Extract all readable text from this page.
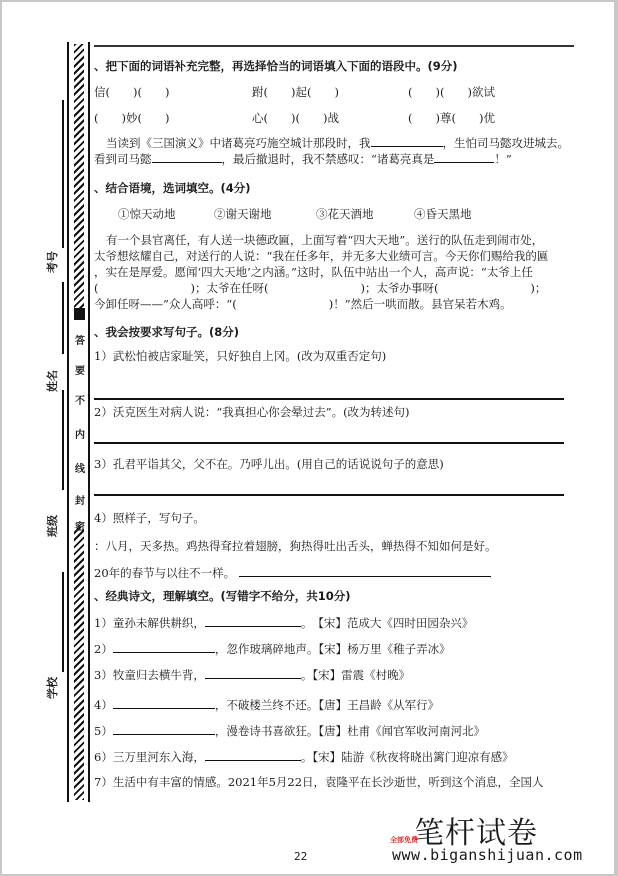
考号
姓名
班级
学校
答
要
不
内
线
封
密
、把下面的词语补充完整，再选择恰当的词语填入下面的语段中。(9分)
信(　　)(　　)	跗(　　)起(　　)	(　　)(　　)欲试
(　　)妙(　　)	心(　　)(　　)战	(　　)尊(　　)优
当读到《三国演义》中诸葛亮巧施空城计那段时，我	，生怕司马懿攻进城去。
看到司马懿	，最后撤退时，我不禁感叹：“诸葛亮真是	！”
、结合语境，选词填空。(4分)
①惊天动地	②谢天谢地	③花天酒地	④昏天黑地
有一个县官离任，有人送一块德政匾，上面写着“四大天地”。送行的队伍走到闹市处，
太爷想炫耀自己，对送行的人说：“我在任多年，并无多大业绩可言。今天你们赐给我的匾
，实在是厚爱。愿闻‘四大天地’之内涵。”这时，队伍中站出一个人，高声说：“太爷上任
(　　　　　　　　)；太爷在任呀(　　　　　　　　)；太爷办事呀(　　　　　　　　)；
今卸任呀——”众人高呼：“(　　　　　　　　)！”然后一哄而散。县官呆若木鸡。
、我会按要求写句子。(8分)
1）武松怕被店家耻笑，只好独自上冈。(改为双重否定句)
2）沃克医生对病人说：“我真担心你会晕过去”。(改为转述句)
3）孔君平诣其父，父不在。乃呼儿出。(用自己的话说说句子的意思)
4）照样子，写句子。
：八月，天多热。鸡热得耷拉着翅膀，狗热得吐出舌头，蝉热得不知如何是好。
20年的春节与以往不一样。
、经典诗文，理解填空。(写错字不给分，共10分)
1）童孙未解供耕织，	。　【宋】范成大《四时田园杂兴》
2）	，忽作玻璃碎地声。【宋】杨万里《稚子弄冰》
3）牧童归去横牛背，	。【宋】雷震《村晚》
4）	，不破楼兰终不还。【唐】王昌龄《从军行》
5）	，漫卷诗书喜欲狂。【唐】杜甫《闻官军收河南河北》
6）三万里河东入海，	。【宋】陆游《秋夜将晓出篱门迎凉有感》
7）生活中有丰富的情感。2021年5月22日，袁隆平在长沙逝世，听到这个消息，全国人
22
笔杆试卷
全部免费
www.biganshijuan.com
